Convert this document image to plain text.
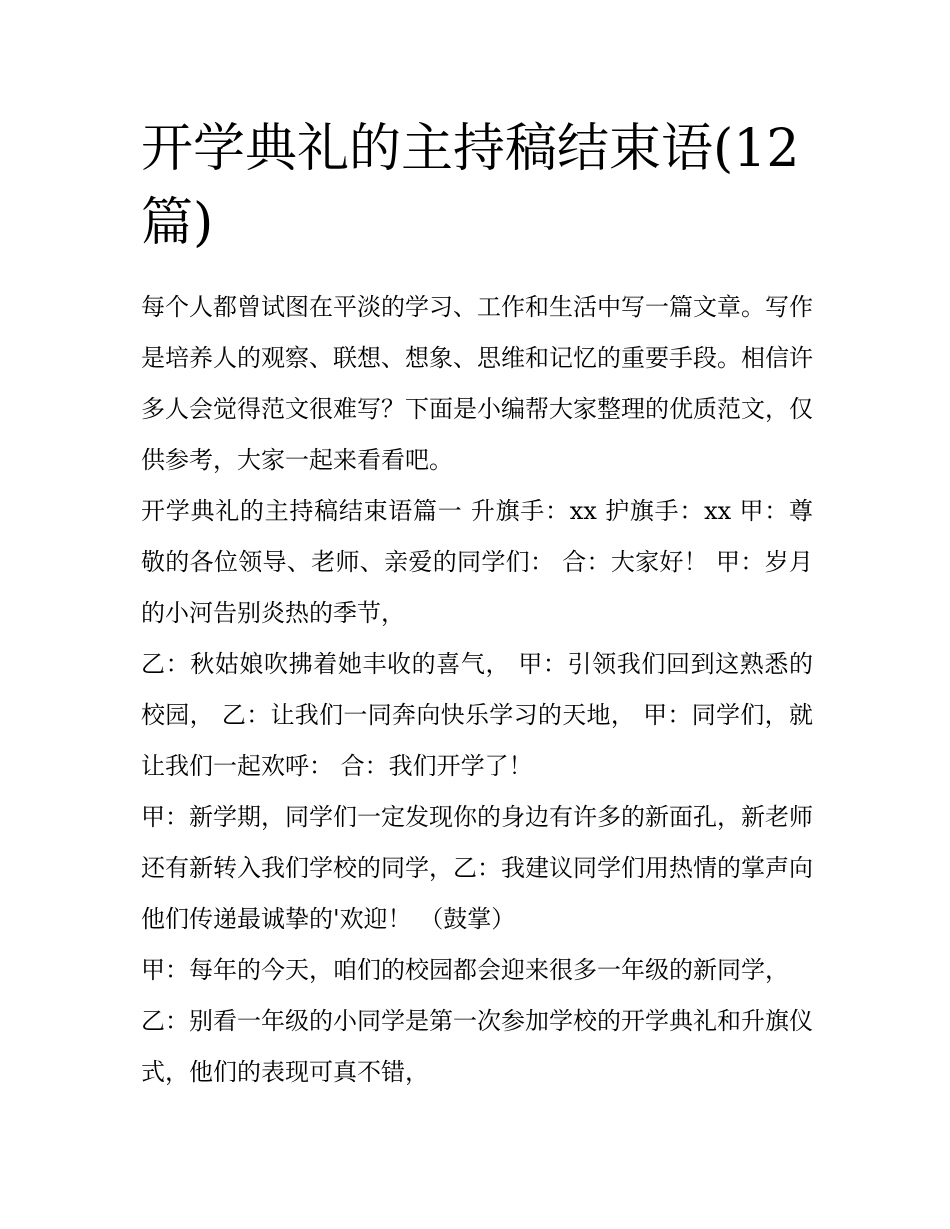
开学典礼的主持稿结束语(12篇)

每个人都曾试图在平淡的学习、工作和生活中写一篇文章。写作是培养人的观察、联想、想象、思维和记忆的重要手段。相信许多人会觉得范文很难写？下面是小编帮大家整理的优质范文，仅供参考，大家一起来看看吧。

开学典礼的主持稿结束语篇一 升旗手：xx 护旗手：xx 甲：尊敬的各位领导、老师、亲爱的同学们： 合：大家好！ 甲：岁月的小河告别炎热的季节，

乙：秋姑娘吹拂着她丰收的喜气， 甲：引领我们回到这熟悉的校园， 乙：让我们一同奔向快乐学习的天地， 甲：同学们，就让我们一起欢呼： 合：我们开学了！

甲：新学期，同学们一定发现你的身边有许多的新面孔，新老师还有新转入我们学校的同学，乙：我建议同学们用热情的掌声向他们传递最诚挚的'欢迎！ （鼓掌）

甲：每年的今天，咱们的校园都会迎来很多一年级的新同学，

乙：别看一年级的小同学是第一次参加学校的开学典礼和升旗仪式，他们的表现可真不错，
